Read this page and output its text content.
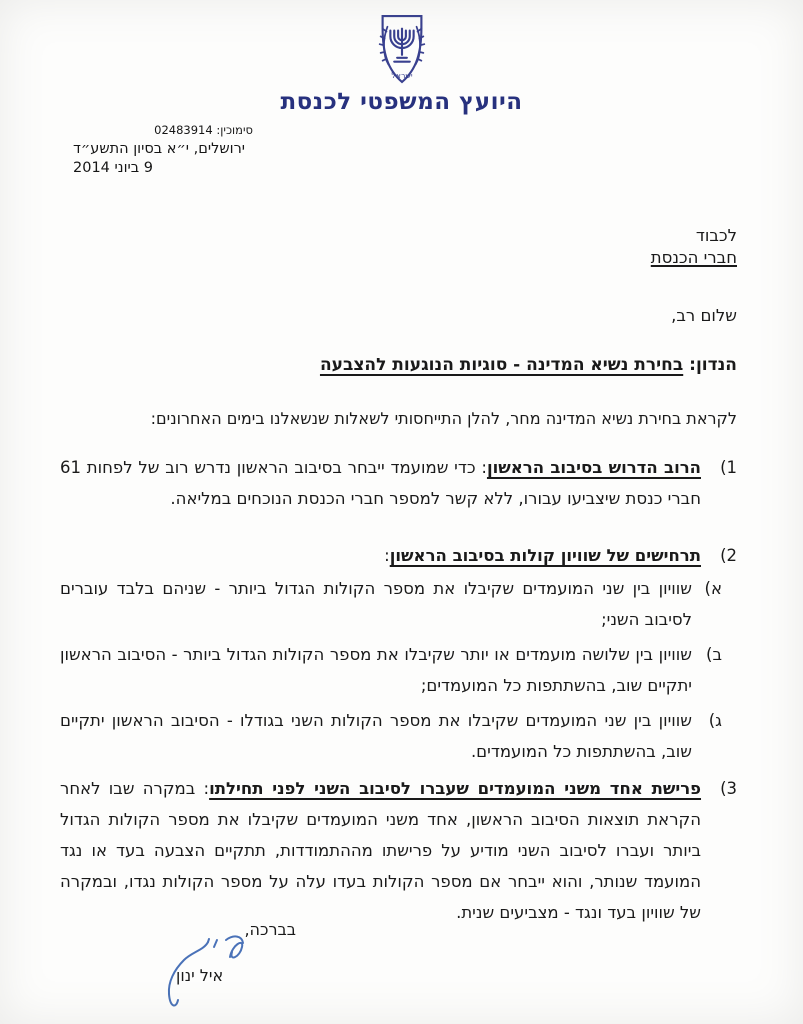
ישראל
היועץ המשפטי לכנסת
סימוכין: 02483914
ירושלים, י״א בסיון התשע״ד
9 ביוני 2014
לכבוד
חברי הכנסת
שלום רב,
הנדון: בחירת נשיא המדינה - סוגיות הנוגעות להצבעה
לקראת בחירת נשיא המדינה מחר, להלן התייחסותי לשאלות שנשאלנו בימים האחרונים:
1)
הרוב הדרוש בסיבוב הראשון: כדי שמועמד ייבחר בסיבוב הראשון נדרש רוב של לפחות 61 חברי כנסת שיצביעו עבורו, ללא קשר למספר חברי הכנסת הנוכחים במליאה.
2)
תרחישים של שוויון קולות בסיבוב הראשון:
א)
שוויון בין שני המועמדים שקיבלו את מספר הקולות הגדול ביותר - שניהם בלבד עוברים לסיבוב השני;
ב)
שוויון בין שלושה מועמדים או יותר שקיבלו את מספר הקולות הגדול ביותר - הסיבוב הראשון יתקיים שוב, בהשתתפות כל המועמדים;
ג)
שוויון בין שני המועמדים שקיבלו את מספר הקולות השני בגודלו - הסיבוב הראשון יתקיים שוב, בהשתתפות כל המועמדים.
3)
פרישת אחד משני המועמדים שעברו לסיבוב השני לפני תחילתו: במקרה שבו לאחר הקראת תוצאות הסיבוב הראשון, אחד משני המועמדים שקיבלו את מספר הקולות הגדול ביותר ועברו לסיבוב השני מודיע על פרישתו מההתמודדות, תתקיים הצבעה בעד או נגד המועמד שנותר, והוא ייבחר אם מספר הקולות בעדו עלה על מספר הקולות נגדו, ובמקרה של שוויון בעד ונגד - מצביעים שנית.
בברכה,
איל ינון
